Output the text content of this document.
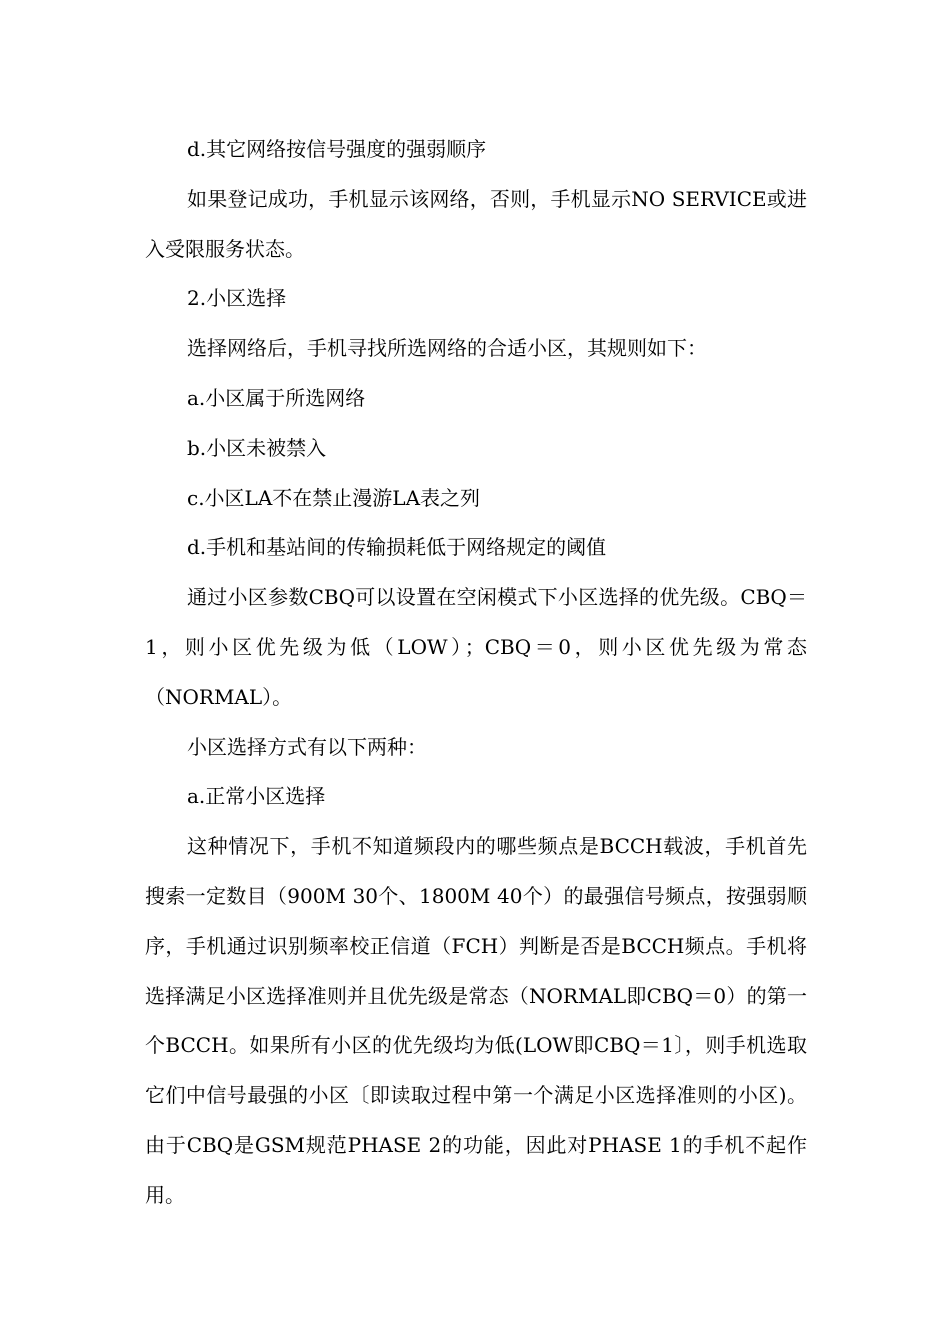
d.其它网络按信号强度的强弱顺序

如果登记成功，手机显示该网络，否则，手机显示NO SERVICE或进入受限服务状态。

2.小区选择

选择网络后，手机寻找所选网络的合适小区，其规则如下：

a.小区属于所选网络

b.小区未被禁入

c.小区LA不在禁止漫游LA表之列

d.手机和基站间的传输损耗低于网络规定的阈值

通过小区参数CBQ可以设置在空闲模式下小区选择的优先级。CBQ＝1，则小区优先级为低（LOW）；CBQ＝0，则小区优先级为常态（NORMAL）。

小区选择方式有以下两种：

a.正常小区选择

这种情况下，手机不知道频段内的哪些频点是BCCH载波，手机首先搜索一定数目（900M 30个、1800M 40个）的最强信号频点，按强弱顺序，手机通过识别频率校正信道（FCH）判断是否是BCCH频点。手机将选择满足小区选择准则并且优先级是常态（NORMAL即CBQ＝0）的第一个BCCH。如果所有小区的优先级均为低(LOW即CBQ＝1〕，则手机选取它们中信号最强的小区〔即读取过程中第一个满足小区选择准则的小区)。由于CBQ是GSM规范PHASE 2的功能，因此对PHASE 1的手机不起作用。
